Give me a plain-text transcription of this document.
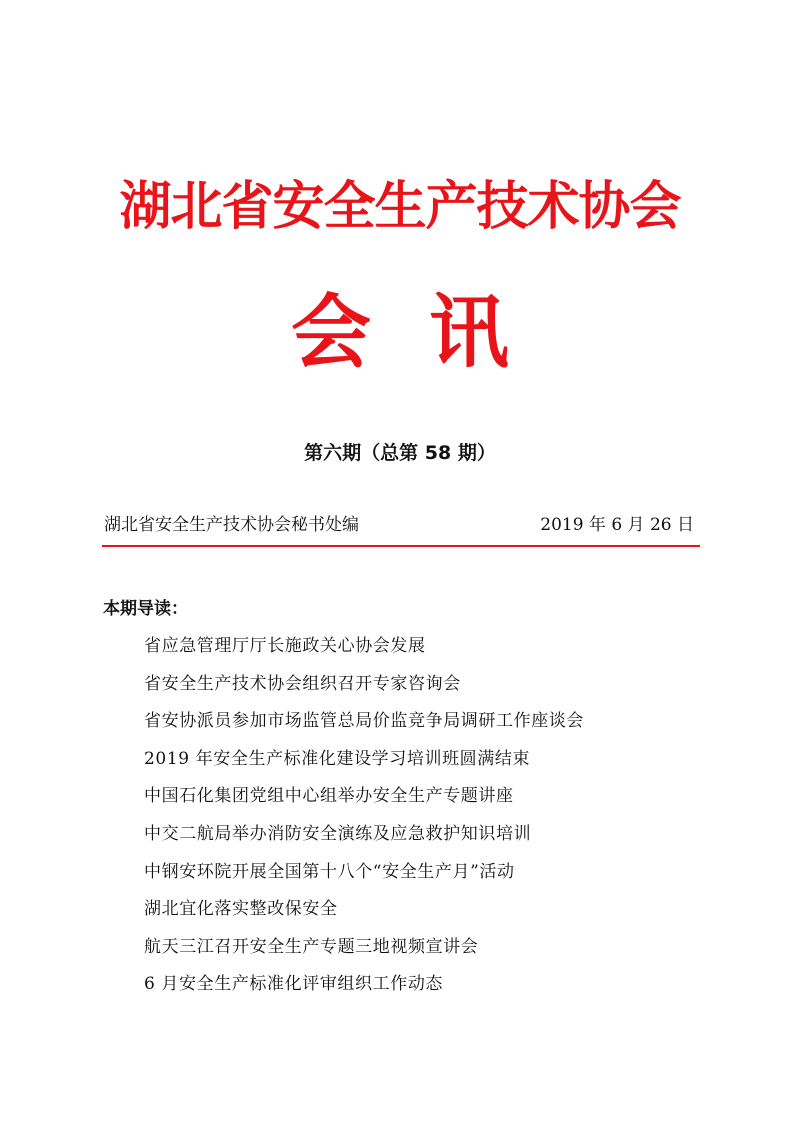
湖北省安全生产技术协会
会讯
第六期（总第 58 期）
湖北省安全生产技术协会秘书处编	2019 年 6 月 26 日
本期导读：
省应急管理厅厅长施政关心协会发展
省安全生产技术协会组织召开专家咨询会
省安协派员参加市场监管总局价监竞争局调研工作座谈会
2019 年安全生产标准化建设学习培训班圆满结束
中国石化集团党组中心组举办安全生产专题讲座
中交二航局举办消防安全演练及应急救护知识培训
中钢安环院开展全国第十八个“安全生产月”活动
湖北宜化落实整改保安全
航天三江召开安全生产专题三地视频宣讲会
6 月安全生产标准化评审组织工作动态
